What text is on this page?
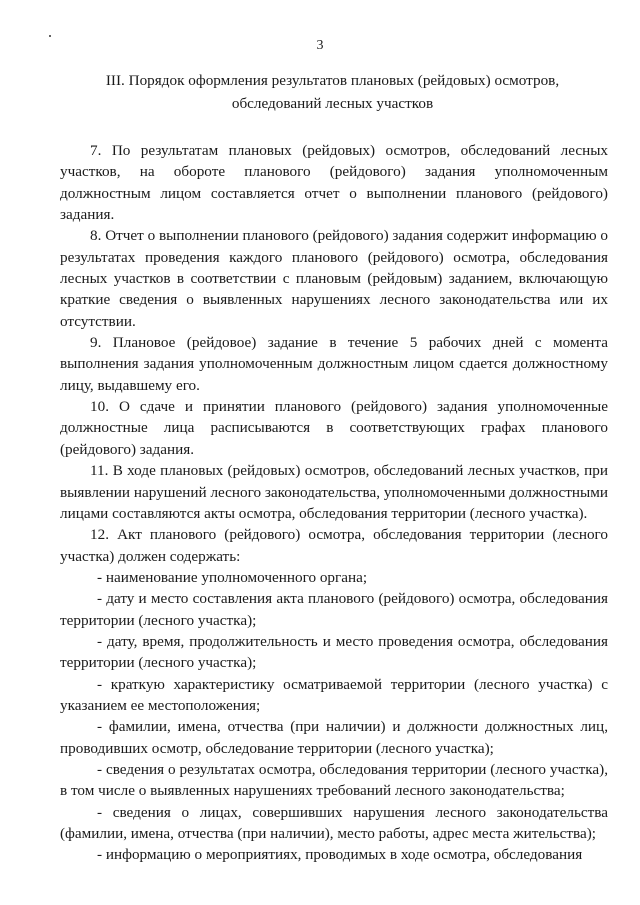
3
III. Порядок оформления результатов плановых (рейдовых) осмотров,
обследований лесных участков

7. По результатам плановых (рейдовых) осмотров, обследований лесных участков, на обороте планового (рейдового) задания уполномоченным должностным лицом составляется отчет о выполнении планового (рейдового) задания.

8. Отчет о выполнении планового (рейдового) задания содержит информацию о результатах проведения каждого планового (рейдового) осмотра, обследования лесных участков в соответствии с плановым (рейдовым) заданием, включающую краткие сведения о выявленных нарушениях лесного законодательства или их отсутствии.

9. Плановое (рейдовое) задание в течение 5 рабочих дней с момента выполнения задания уполномоченным должностным лицом сдается должностному лицу, выдавшему его.

10. О сдаче и принятии планового (рейдового) задания уполномоченные должностные лица расписываются в соответствующих графах планового (рейдового) задания.

11. В ходе плановых (рейдовых) осмотров, обследований лесных участков, при выявлении нарушений лесного законодательства, уполномоченными должностными лицами составляются акты осмотра, обследования территории (лесного участка).

12. Акт планового (рейдового) осмотра, обследования территории (лесного участка) должен содержать:

- наименование уполномоченного органа;

- дату и место составления акта планового (рейдового) осмотра, обследования территории (лесного участка);

- дату, время, продолжительность и место проведения осмотра, обследования территории (лесного участка);

- краткую характеристику осматриваемой территории (лесного участка) с указанием ее местоположения;

- фамилии, имена, отчества (при наличии) и должности должностных лиц, проводивших осмотр, обследование территории (лесного участка);

- сведения о результатах осмотра, обследования территории (лесного участка), в том числе о выявленных нарушениях требований лесного законодательства;

- сведения о лицах, совершивших нарушения лесного законодательства (фамилии, имена, отчества (при наличии), место работы, адрес места жительства);

- информацию о мероприятиях, проводимых в ходе осмотра, обследования
